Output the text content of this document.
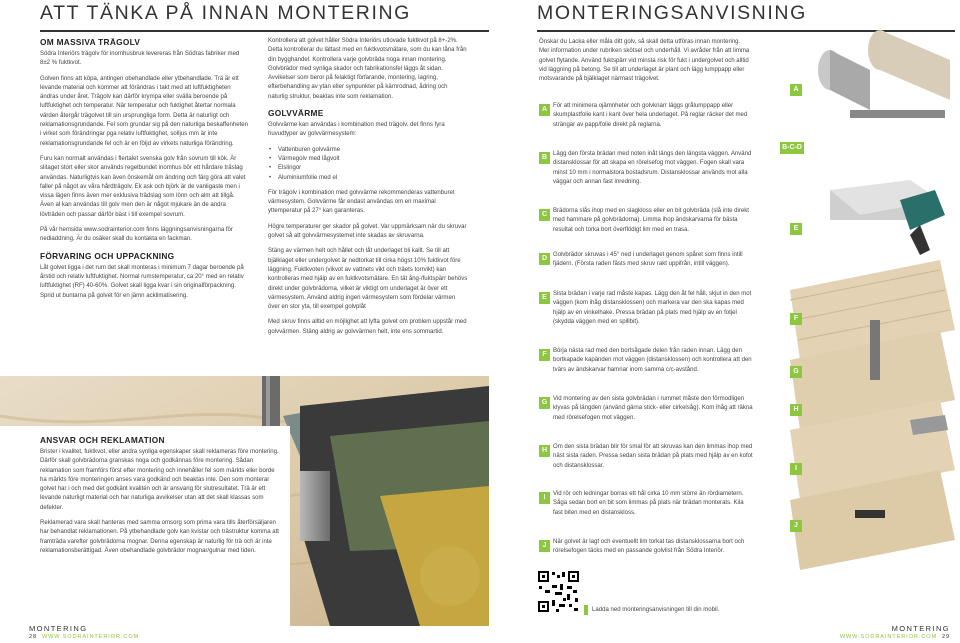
ATT TÄNKA PÅ INNAN MONTERING	MONTERINGSANVISNING
OM MASSIVA TRÄGOLV

Södra Interiörs trägolv för inomhusbruk levereras från Södras fabriker med 8±2 % fuktkvot.

Golven finns att köpa, antingen obehandlade eller ytbehandlade. Trä är ett levande material och kommer att förändras i takt med att luftfuktigheten ändras under året. Trägolv kan därför krympa eller svälla beroende på luftfuktighet och temperatur. När temperatur och fuktighet återtar normala värden återgår trägolvet till sin ursprungliga form. Detta är naturligt och reklamationsgrundande. Fel som grundar sig på den naturliga beskaffenheten i virket som förändringar pga relativ luftfuktighet, solljus mm är inte reklamationsgrundande fel och är en följd av virkets naturliga förändring.

Furu kan normalt användas i flertalet svenska golv från sovrum till kök. Är slitaget stort eller skor används regelbundet inomhus bör ett hårdare träslag användas. Naturligtvis kan även önskemål om ändring och färg göra att valet faller på något av våra hårdträgolv. Ek ask och björk är de vanligaste men i vissa lägen finns även mer exklusiva trädslag som lönn och alm att tillgå. Även al kan användas till golv men den är något mjukare än de andra lövträden och passar därför bäst i till exempel sovrum.

På vår hemsida www.sodrainterior.com finns läggningsanvisningarna för nedladdning. Är du osäker skall du kontakta en fackman.

FÖRVARING OCH UPPACKNING

Låt golvet ligga i det rum det skall monteras i minimum 7 dagar beroende på årstid och relativ luftfuktighet. Normal rumstemperatur, ca 20° med en relativ luftfuktighet (RF) 40-60%. Golvet skall ligga kvar i sin originalförpackning. Sprid ut buntarna på golvet för en jämn acklimatisering.

Kontrollera att golvet håller Södra Interiörs utlovade fuktkvot på 8+-2%. Detta kontrollerar du lättast med en fuktkvotsmätare, som du kan låna från din bygghandel. Kontrollera varje golvbräda noga innan montering. Golvbrädor med synliga skador och fabrikationsfel läggs åt sidan. Avvikelser som beror på felaktigt förfarande, montering, lagring, efterbehandling av ytan eller synpunkter på kärnrodnad, ådring och naturlig struktur, beaktas inte som reklamation.

GOLVVÄRME

Golvvärme kan användas i kombination med trägolv. det finns fyra huvudtyper av golvvärmesystem:

• Vattenburen golvvärme
• Värmegolv med lågvolt
• Elslingor
• Aluminiumfolie med el

För trägolv i kombination med golvvärme rekommenderas vattenburet värmesystem. Golvvärme får endast användas om en maximal yttemperatur på 27° kan garanteras.

Högre temperaturer ger skador på golvet. Var uppmärksam när du skruvar golvet så att golvvärmesystemet inte skadas av skruvarna.

Stäng av värmen helt och hållet och låt underlaget bli kallt. Se till att bjälklaget eller undergolvet är nedtorkat till cirka högst 10% fuktkvot före läggning. Fuktkvoten (vikvot av vattnets vikt och träets torrvikt) kan kontrolleras med hjälp av en fuktkvotsmätare. En tät ång-/fuktspärr behövs direkt under golvbrädorna, vilket är viktigt om underlaget är över ett värmesystem. Använd aldrig ingen värmesystem som fördelar värmen över en stor yta, till exempel golvplåt

Med skruv finns alltid en möjlighet att lyfta golvet om problem uppstår med golvvärmen. Stäng aldrig av golvvärmen helt, inte ens sommartid.

ANSVAR OCH REKLAMATION

Brister i kvalitet, fuktkvot, eller andra synliga egenskaper skall reklameras före montering. Därför skall golvbrädorna granskas noga och godkännas före montering. Sådan reklamation som framförs först efter montering och innehåller fel som märkts eller borde ha märkts före monteringen anses vara godkänd och beaktas inte. Den som monterar golvet har i och med det godkänt kvalitén och är ansvarig för slutresultatet. Trä är ett levande naturligt material och har naturliga avvikelser utan att det skall klassas som defekter.

Reklamerad vara skall hanteras med samma omsorg som prima vara tills återförsäljaren har behandlat reklamationen. På ytbehandlade golv kan kvistar och trästruktur komma att framträda varefter golvbrädorna mognar. Denna egenskap är naturlig för trä och är inte reklamationsberättigad. Även obehandlade golvbrädor mognar/gulnar med tiden.

Önskar du Lacka eller måla ditt golv, så skall detta utföras innan montering. Mer information under rubriken skötsel och underhåll. Vi avråder från att limma golvet flytande. Använd fuktspärr vid minsta risk för fukt i undergolvet och alltid vid läggning på betong. Se till att underlaget är plant och lägg lumppapp eller motsvarande på bjälklaget närmast trägolvet.
A För att minimera ojämnheter och golvknarr läggs grålumppapp eller skumplastfolie kant i kant över hela underlaget. På reglar räcker det med strängar av papp/folie direkt på reglarna.
B Lägg den första brädan med noten inåt längs den längsta väggen. Använd distansklossar för att skapa en rörelsefog mot väggen. Fogen skall vara minst 10 mm i normalstora bostadsrum. Distansklossar används mot alla väggar och annan fast inredning.
C Brädorna slås ihop med en slagkloss eller en bit golvbräda (slå inte direkt med hammare på golvbrädorna). Limma ihop ändskarvarna för bästa resultat och torka bort överflödigt lim med en trasa.
D Golvbrädor skruvas i 45° ned i underlaget genom spåret som finns intill fjädern. (Första raden fästs med skruv rakt uppifrån, intill väggen).
E	Sista brädan i varje rad måste kapas. Lägg den åt fel håll, skjut in den mot väggen (kom ihåg distansklossen) och markera var den ska kapas med hjälp av en vinkelhake. Pressa brädan på plats med hjälp av en fotjel (skydda väggen med en spillbit).
F	Börja nästa rad med den bortsågade delen från raden innan. Lägg den bortkapade kapänden mot väggen (distansklossen) och kontrollera att den tvärs av ändskarvar hamnar inom samma c/c-avstånd.
G Vid montering av den sista golvbrädan i rummet måste den förmodligen klyvas på längden (använd gärna stick- eller cirkelsåg). Kom ihåg att räkna med rörelsefogen mot väggen.
H Om den sista brädan blir för smal för att skruvas kan den limmas ihop med näst sista raden. Pressa sedan sista brädan på plats med hjälp av en kofot och distansklossar.
I	Vid rör och ledningar borras ett hål cirka 10 mm större än rördiametern. Såga sedan bort en bit som limmas på plats när brädan monterats. Kila fast biten med en distanskloss.
J	När golvet är lagt och eventuellt lim torkat tas distansklossarna bort och rörelsefogen täcks med en passande golvlist från Södra Interiör.
A
B-C-D
E
F
G
H
I
J
Ladda ned monteringsanvisningen till din mobil.
MONTERING
28 WWW.SODRAINTERIOR.COM
MONTERING
WWW.SODRAINTERIOR.COM 29
